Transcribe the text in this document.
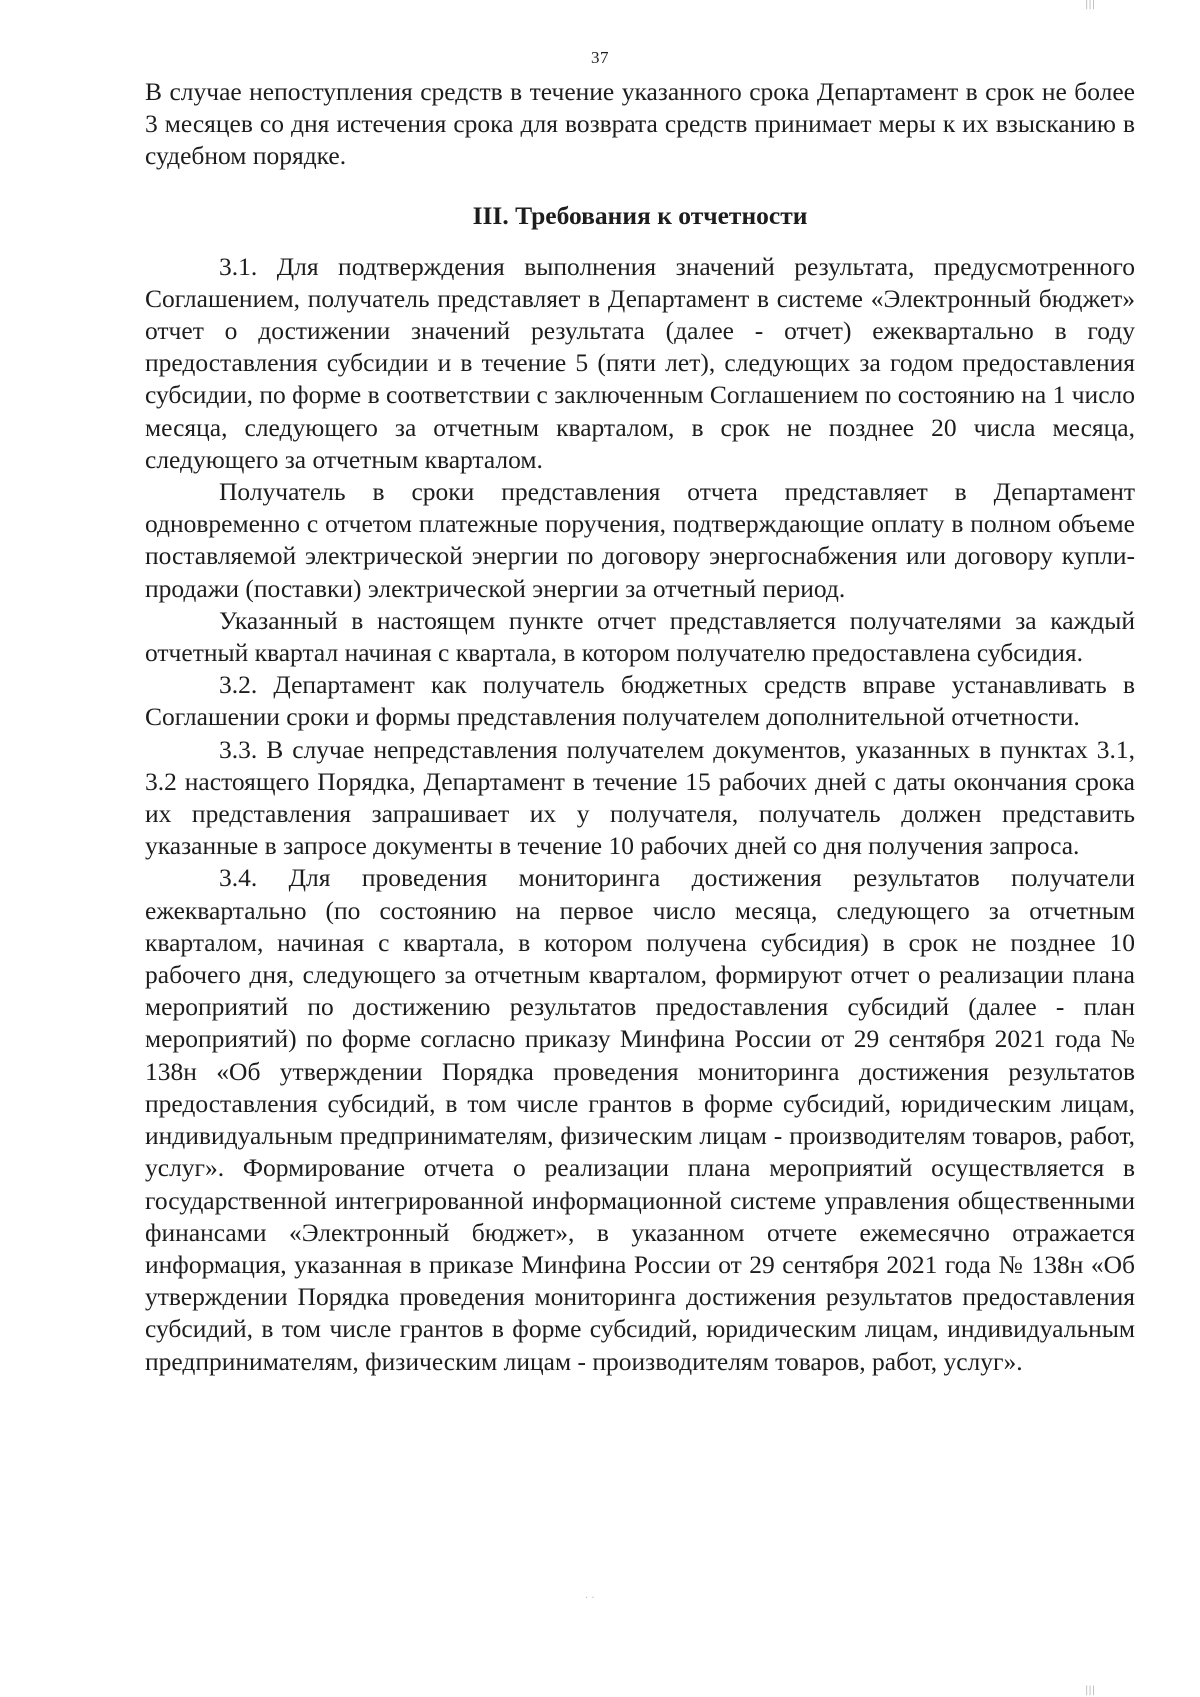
37

В случае непоступления средств в течение указанного срока Департамент в срок не более 3 месяцев со дня истечения срока для возврата средств принимает меры к их взысканию в судебном порядке.

III. Требования к отчетности

3.1. Для подтверждения выполнения значений результата, предусмотренного Соглашением, получатель представляет в Департамент в системе «Электронный бюджет» отчет о достижении значений результата (далее - отчет) ежеквартально в году предоставления субсидии и в течение 5 (пяти лет), следующих за годом предоставления субсидии, по форме в соответствии с заключенным Соглашением по состоянию на 1 число месяца, следующего за отчетным кварталом, в срок не позднее 20 числа месяца, следующего за отчетным кварталом.

Получатель в сроки представления отчета представляет в Департамент одновременно с отчетом платежные поручения, подтверждающие оплату в полном объеме поставляемой электрической энергии по договору энергоснабжения или договору купли-продажи (поставки) электрической энергии за отчетный период.

Указанный в настоящем пункте отчет представляется получателями за каждый отчетный квартал начиная с квартала, в котором получателю предоставлена субсидия.

3.2. Департамент как получатель бюджетных средств вправе устанавливать в Соглашении сроки и формы представления получателем дополнительной отчетности.

3.3. В случае непредставления получателем документов, указанных в пунктах 3.1, 3.2 настоящего Порядка, Департамент в течение 15 рабочих дней с даты окончания срока их представления запрашивает их у получателя, получатель должен представить указанные в запросе документы в течение 10 рабочих дней со дня получения запроса.

3.4. Для проведения мониторинга достижения результатов получатели ежеквартально (по состоянию на первое число месяца, следующего за отчетным кварталом, начиная с квартала, в котором получена субсидия) в срок не позднее 10 рабочего дня, следующего за отчетным кварталом, формируют отчет о реализации плана мероприятий по достижению результатов предоставления субсидий (далее - план мероприятий) по форме согласно приказу Минфина России от 29 сентября 2021 года № 138н «Об утверждении Порядка проведения мониторинга достижения результатов предоставления субсидий, в том числе грантов в форме субсидий, юридическим лицам, индивидуальным предпринимателям, физическим лицам - производителям товаров, работ, услуг». Формирование отчета о реализации плана мероприятий осуществляется в государственной интегрированной информационной системе управления общественными финансами «Электронный бюджет», в указанном отчете ежемесячно отражается информация, указанная в приказе Минфина России от 29 сентября 2021 года № 138н «Об утверждении Порядка проведения мониторинга достижения результатов предоставления субсидий, в том числе грантов в форме субсидий, юридическим лицам, индивидуальным предпринимателям, физическим лицам - производителям товаров, работ, услуг».

|||
· ·
|||
